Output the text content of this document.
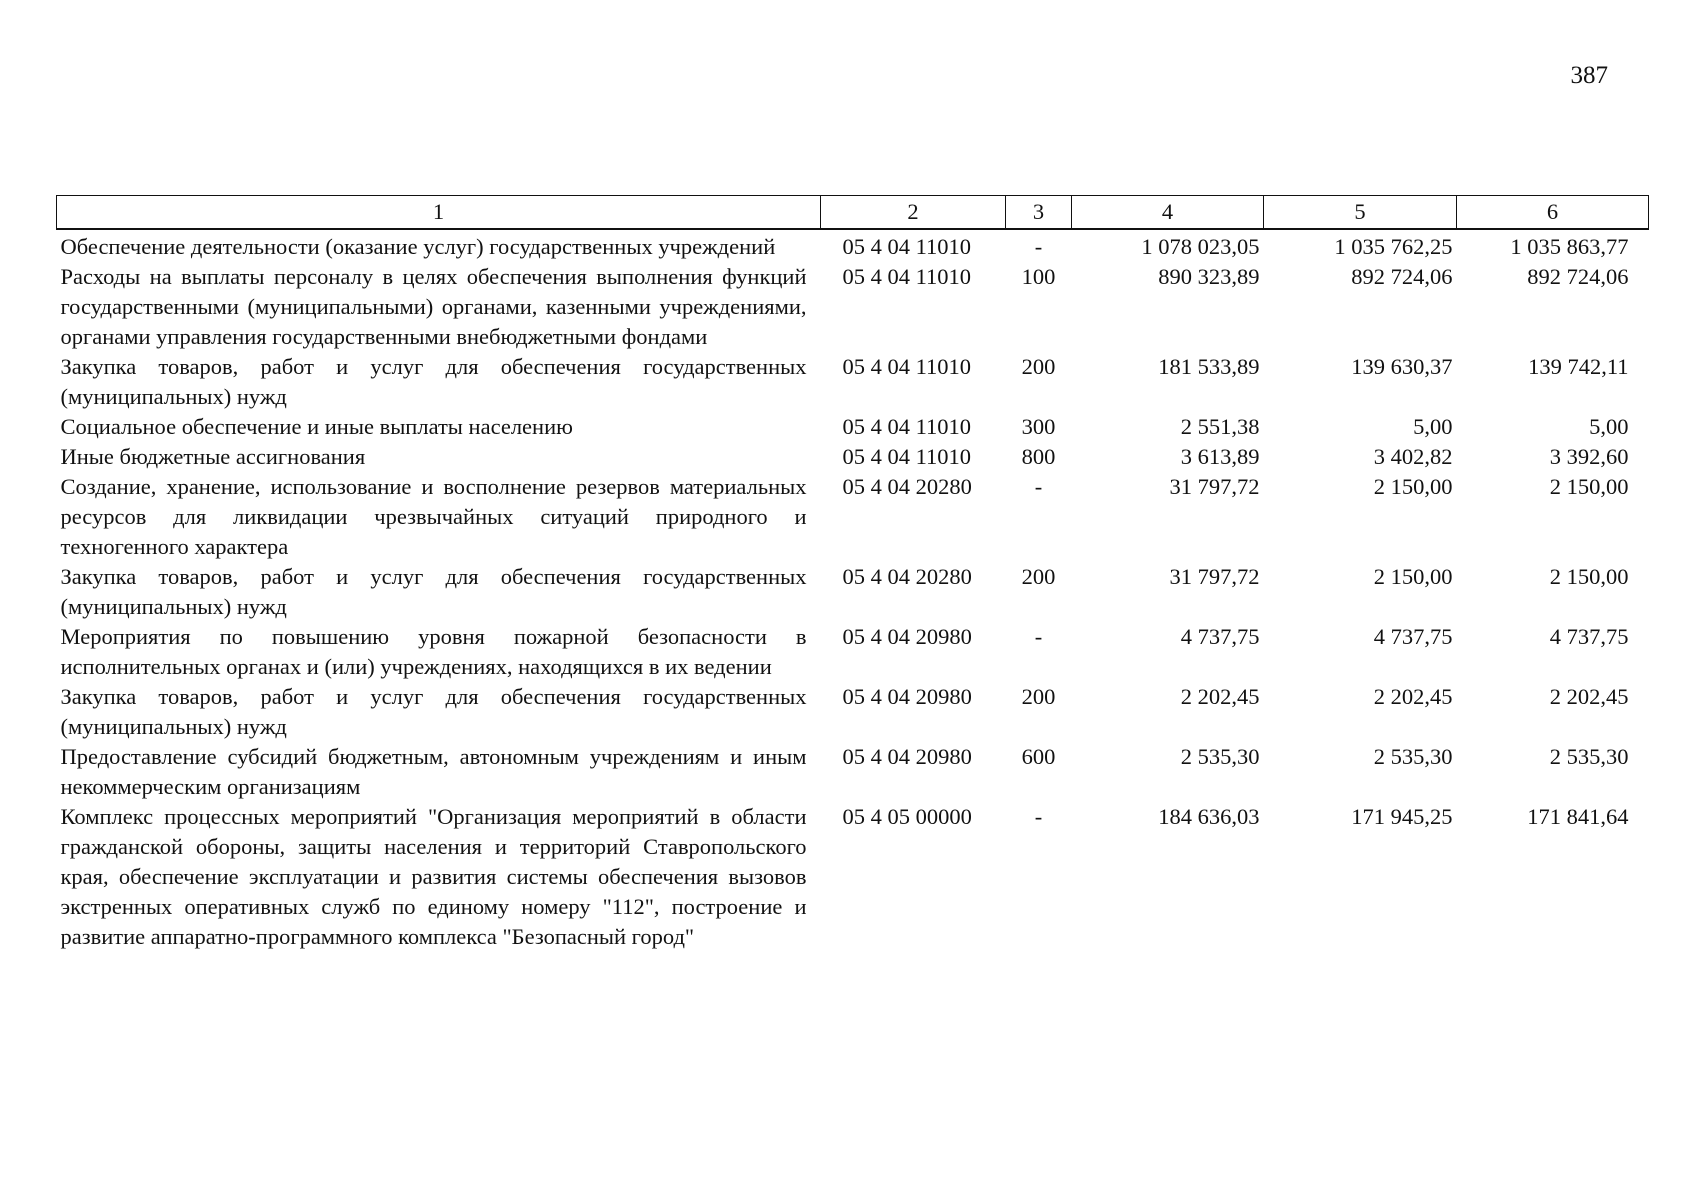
387
1	2	3	4	5	6
Обеспечение деятельности (оказание услуг) государственных учреждений	05 4 04 11010	-	1 078 023,05	1 035 762,25	1 035 863,77
Расходы на выплаты персоналу в целях обеспечения выполнения функций государственными (муниципальными) органами, казенными учреждениями, органами управления государственными внебюджетными фондами	05 4 04 11010	100	890 323,89	892 724,06	892 724,06
Закупка товаров, работ и услуг для обеспечения государственных (муниципальных) нужд	05 4 04 11010	200	181 533,89	139 630,37	139 742,11
Социальное обеспечение и иные выплаты населению	05 4 04 11010	300	2 551,38	5,00	5,00
Иные бюджетные ассигнования	05 4 04 11010	800	3 613,89	3 402,82	3 392,60
Создание, хранение, использование и восполнение резервов материальных ресурсов для ликвидации чрезвычайных ситуаций природного и техногенного характера	05 4 04 20280	-	31 797,72	2 150,00	2 150,00
Закупка товаров, работ и услуг для обеспечения государственных (муниципальных) нужд	05 4 04 20280	200	31 797,72	2 150,00	2 150,00
Мероприятия по повышению уровня пожарной безопасности в исполнительных органах и (или) учреждениях, находящихся в их ведении	05 4 04 20980	-	4 737,75	4 737,75	4 737,75
Закупка товаров, работ и услуг для обеспечения государственных (муниципальных) нужд	05 4 04 20980	200	2 202,45	2 202,45	2 202,45
Предоставление субсидий бюджетным, автономным учреждениям и иным некоммерческим организациям	05 4 04 20980	600	2 535,30	2 535,30	2 535,30
Комплекс процессных мероприятий "Организация мероприятий в области гражданской обороны, защиты населения и территорий Ставропольского края, обеспечение эксплуатации и развития системы обеспечения вызовов экстренных оперативных служб по единому номеру "112", построение и развитие аппаратно-программного комплекса "Безопасный город"	05 4 05 00000	-	184 636,03	171 945,25	171 841,64
